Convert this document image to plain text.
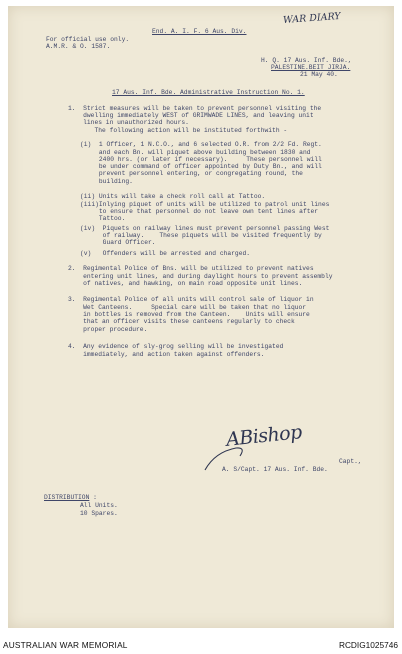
WAR DIARY
End. A. I. F. 6 Aus. Div.
For official use only.
A.M.R. & O. 1587.
H. Q. 17 Aus. Inf. Bde.,
PALESTINE.BEIT JIRJA.
21 May 40.
17 Aus. Inf. Bde. Administrative Instruction No. 1.
1.  Strict measures will be taken to prevent personnel visiting the
dwelling immediately WEST of GRIMWADE LINES, and leaving unit
lines in unauthorized hours.
The following action will be instituted forthwith -
(i)  1 Officer, 1 N.C.O., and 6 selected O.R. from 2/2 Fd. Regt.
and each Bn. will piquet above building between 1830 and
2400 hrs. (or later if necessary).     These personnel will
be under command of officer appointed by Duty Bn., and will
prevent personnel entering, or congregating round, the
building.
(ii) Units will take a check roll call at Tattoo.
(iii)Inlying piquet of units will be utilized to patrol unit lines
to ensure that personnel do not leave own tent lines after
Tattoo.
(iv)  Piquets on railway lines must prevent personnel passing West
of railway.    These piquets will be visited frequently by
Guard Officer.
(v)   Offenders will be arrested and charged.
2.  Regimental Police of Bns. will be utilized to prevent natives
entering unit lines, and during daylight hours to prevent assembly
of natives, and hawking, on main road opposite unit lines.
3.  Regimental Police of all units will control sale of liquor in
Wet Canteens.     Special care will be taken that no liquor
in bottles is removed from the Canteen.    Units will ensure
that an officer visits these canteens regularly to check
proper procedure.
4.  Any evidence of sly-grog selling will be investigated
immediately, and action taken against offenders.
ABishop
Capt.,
A. S/Capt. 17 Aus. Inf. Bde.
DISTRIBUTION :
All Units.
10 Spares.
AUSTRALIAN WAR MEMORIAL	RCDIG1025746
